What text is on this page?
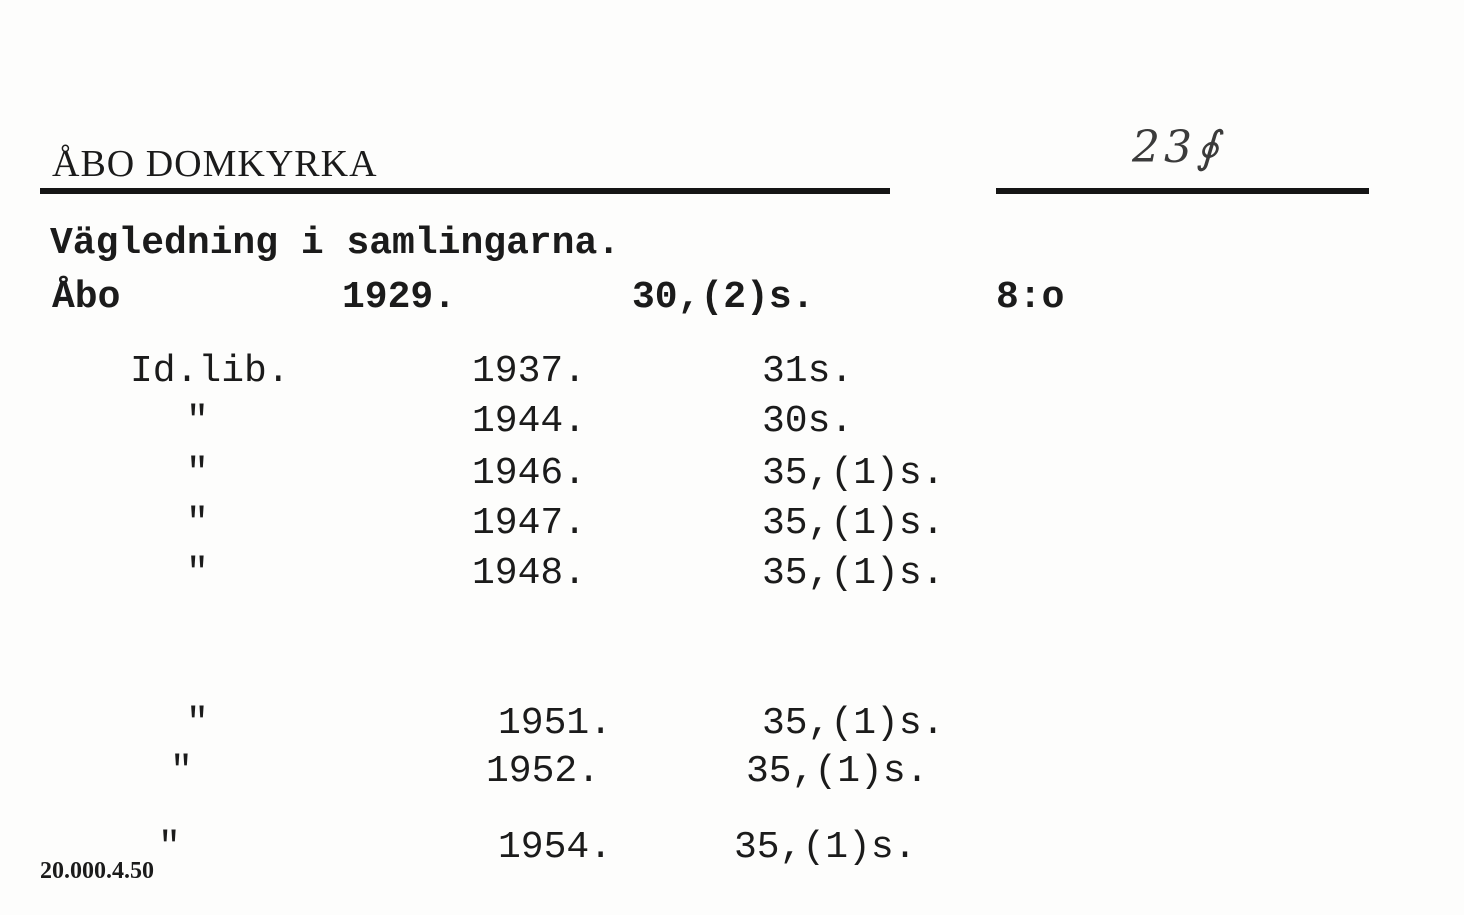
ÅBO DOMKYRKA	23∮
Vägledning i samlingarna.
Åbo	1929.	30,(2)s.	8:o
Id.lib.	1937.	31s.
"	1944.	30s.
"	1946.	35,(1)s.
"	1947.	35,(1)s.
"	1948.	35,(1)s.
"	1951.	35,(1)s.
"	1952.	35,(1)s.
"	1954.	35,(1)s.
20.000.4.50
